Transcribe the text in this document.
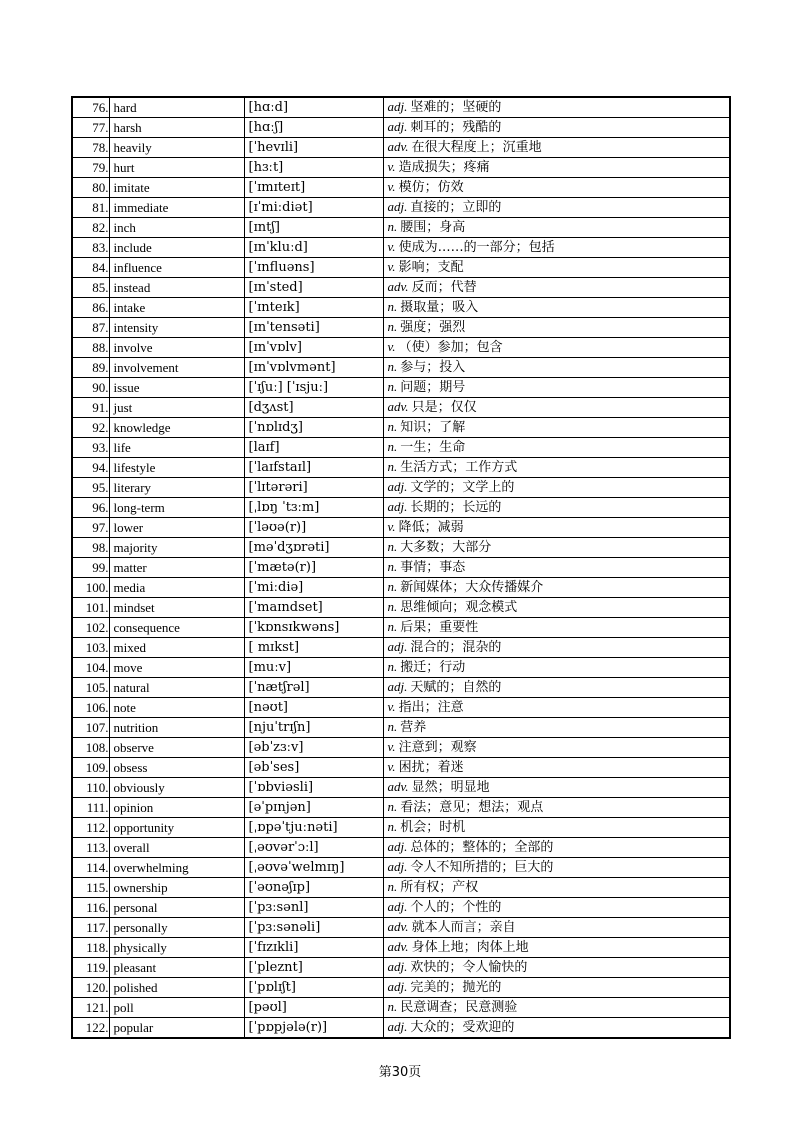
76.	hard	[hɑːd]	adj. 坚难的；坚硬的
77.	harsh	[hɑːʃ]	adj. 刺耳的；残酷的
78.	heavily	[ˈhevɪli]	adv. 在很大程度上；沉重地
79.	hurt	[hɜːt]	v. 造成损失；疼痛
80.	imitate	[ˈɪmɪteɪt]	v. 模仿；仿效
81.	immediate	[ɪˈmiːdiət]	adj. 直接的；立即的
82.	inch	[ɪntʃ]	n. 腰围；身高
83.	include	[ɪnˈkluːd]	v. 使成为……的一部分；包括
84.	influence	[ˈɪnfluəns]	v. 影响；支配
85.	instead	[ɪnˈsted]	adv. 反而；代替
86.	intake	[ˈɪnteɪk]	n. 摄取量；吸入
87.	intensity	[ɪnˈtensəti]	n. 强度；强烈
88.	involve	[ɪnˈvɒlv]	v. （使）参加；包含
89.	involvement	[ɪnˈvɒlvmənt]	n. 参与；投入
90.	issue	[ˈɪʃuː] [ˈɪsjuː]	n. 问题；期号
91.	just	[dʒʌst]	adv. 只是；仅仅
92.	knowledge	[ˈnɒlɪdʒ]	n. 知识；了解
93.	life	[laɪf]	n. 一生；生命
94.	lifestyle	[ˈlaɪfstaɪl]	n. 生活方式；工作方式
95.	literary	[ˈlɪtərəri]	adj. 文学的；文学上的
96.	long-term	[ˌlɒŋ ˈtɜːm]	adj. 长期的；长远的
97.	lower	[ˈləʊə(r)]	v. 降低；减弱
98.	majority	[məˈdʒɒrəti]	n. 大多数；大部分
99.	matter	[ˈmætə(r)]	n. 事情；事态
100.	media	[ˈmiːdiə]	n. 新闻媒体；大众传播媒介
101.	mindset	[ˈmaɪndset]	n. 思维倾向；观念模式
102.	consequence	[ˈkɒnsɪkwəns]	n. 后果；重要性
103.	mixed	[ mɪkst]	adj. 混合的；混杂的
104.	move	[muːv]	n. 搬迁；行动
105.	natural	[ˈnætʃrəl]	adj. 天赋的；自然的
106.	note	[nəʊt]	v. 指出；注意
107.	nutrition	[njuˈtrɪʃn]	n. 营养
108.	observe	[əbˈzɜːv]	v. 注意到；观察
109.	obsess	[əbˈses]	v. 困扰；着迷
110.	obviously	[ˈɒbviəsli]	adv. 显然；明显地
111.	opinion	[əˈpɪnjən]	n. 看法；意见；想法；观点
112.	opportunity	[ˌɒpəˈtjuːnəti]	n. 机会；时机
113.	overall	[ˌəʊvərˈɔːl]	adj. 总体的；整体的；全部的
114.	overwhelming	[ˌəʊvəˈwelmɪŋ]	adj. 令人不知所措的；巨大的
115.	ownership	[ˈəʊnəʃɪp]	n. 所有权；产权
116.	personal	[ˈpɜːsənl]	adj. 个人的；个性的
117.	personally	[ˈpɜːsənəli]	adv. 就本人而言；亲自
118.	physically	[ˈfɪzɪkli]	adv. 身体上地；肉体上地
119.	pleasant	[ˈpleznt]	adj. 欢快的；令人愉快的
120.	polished	[ˈpɒlɪʃt]	adj. 完美的；抛光的
121.	poll	[pəʊl]	n. 民意调查；民意测验
122.	popular	[ˈpɒpjələ(r)]	adj. 大众的；受欢迎的
第30页
